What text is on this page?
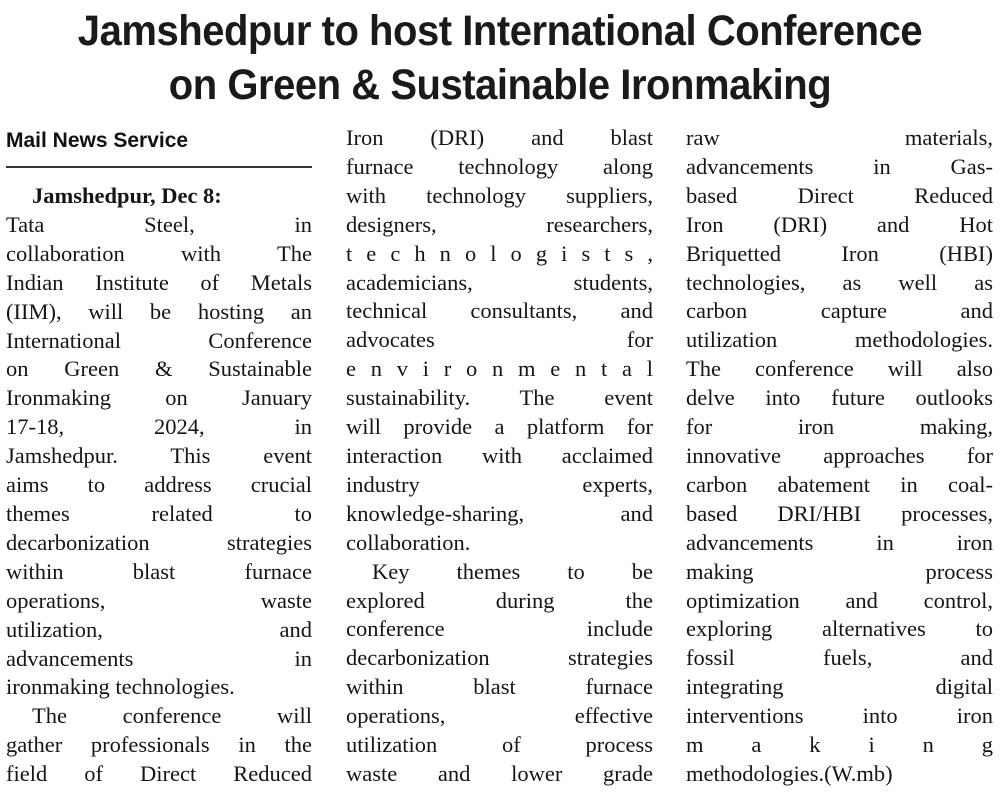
Jamshedpur to host International Conference
on Green & Sustainable Ironmaking
Mail News Service
Jamshedpur, Dec 8:
Tata Steel, in
collaboration with The
Indian Institute of Metals
(IIM), will be hosting an
International Conference
on Green & Sustainable
Ironmaking on January
17-18, 2024, in
Jamshedpur. This event
aims to address crucial
themes related to
decarbonization strategies
within blast furnace
operations, waste
utilization, and
advancements in
ironmaking technologies.
The conference will
gather professionals in the
field of Direct Reduced
Iron (DRI) and blast
furnace technology along
with technology suppliers,
designers, researchers,
t e c h n o l o g i s t s ,
academicians, students,
technical consultants, and
advocates for
e n v i r o n m e n t a l
sustainability. The event
will provide a platform for
interaction with acclaimed
industry experts,
knowledge-sharing, and
collaboration.
Key themes to be
explored during the
conference include
decarbonization strategies
within blast furnace
operations, effective
utilization of process
waste and lower grade
raw materials,
advancements in Gas-
based Direct Reduced
Iron (DRI) and Hot
Briquetted Iron (HBI)
technologies, as well as
carbon capture and
utilization methodologies.
The conference will also
delve into future outlooks
for iron making,
innovative approaches for
carbon abatement in coal-
based DRI/HBI processes,
advancements in iron
making process
optimization and control,
exploring alternatives to
fossil fuels, and
integrating digital
interventions into iron
m a k i n g
methodologies.(W.mb)
